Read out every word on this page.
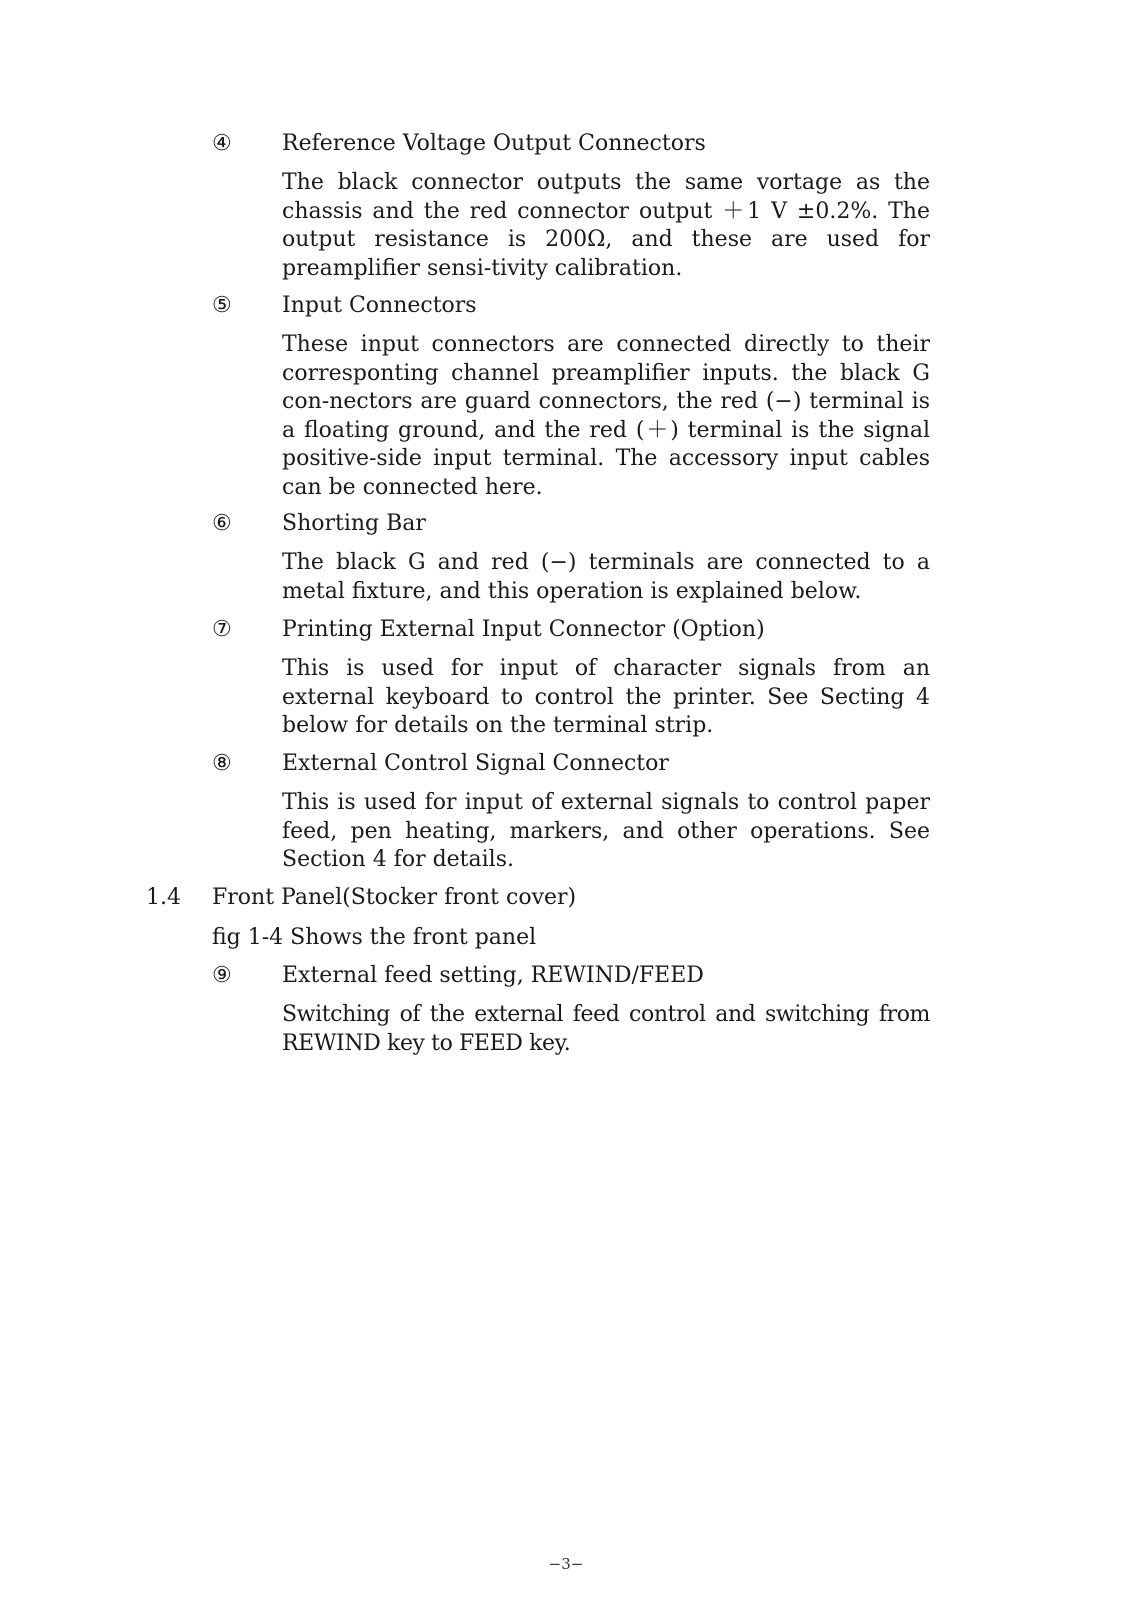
④	Reference Voltage Output Connectors
The black connector outputs the same vortage as the chassis and the red connector output ＋1 V ±0.2%. The output resistance is 200Ω, and these are used for preamplifier sensi-tivity calibration.
⑤	Input Connectors
These input connectors are connected directly to their corresponting channel preamplifier inputs. the black G con-nectors are guard connectors, the red (−) terminal is a floating ground, and the red (＋) terminal is the signal positive-side input terminal. The accessory input cables can be connected here.
⑥	Shorting Bar
The black G and red (−) terminals are connected to a metal fixture, and this operation is explained below.
⑦	Printing External Input Connector (Option)
This is used for input of character signals from an external keyboard to control the printer. See Secting 4 below for details on the terminal strip.
⑧	External Control Signal Connector
This is used for input of external signals to control paper feed, pen heating, markers, and other operations. See Section 4 for details.
1.4 Front Panel(Stocker front cover)
fig 1-4 Shows the front panel
⑨	External feed setting, REWIND/FEED
Switching of the external feed control and switching from REWIND key to FEED key.
−3−
